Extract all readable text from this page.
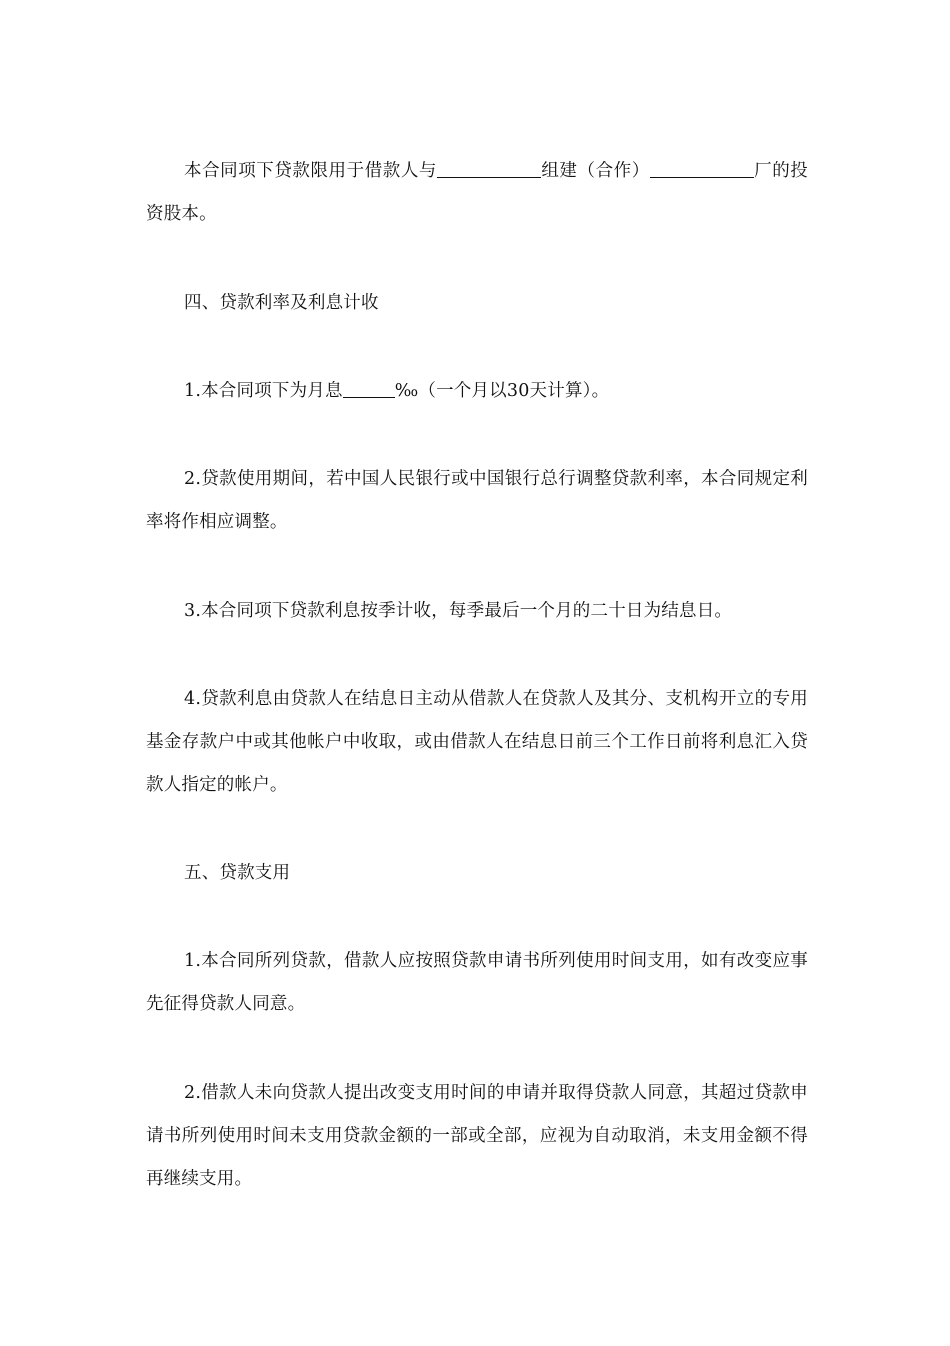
本合同项下贷款限用于借款人与	组建（合作）	厂的投资股本。

四、贷款利率及利息计收

1.本合同项下为月息	‰（一个月以30天计算）。

2.贷款使用期间，若中国人民银行或中国银行总行调整贷款利率，本合同规定利率将作相应调整。

3.本合同项下贷款利息按季计收，每季最后一个月的二十日为结息日。

4.贷款利息由贷款人在结息日主动从借款人在贷款人及其分、支机构开立的专用基金存款户中或其他帐户中收取，或由借款人在结息日前三个工作日前将利息汇入贷款人指定的帐户。

五、贷款支用

1.本合同所列贷款，借款人应按照贷款申请书所列使用时间支用，如有改变应事先征得贷款人同意。

2.借款人未向贷款人提出改变支用时间的申请并取得贷款人同意，其超过贷款申请书所列使用时间未支用贷款金额的一部或全部，应视为自动取消，未支用金额不得再继续支用。
